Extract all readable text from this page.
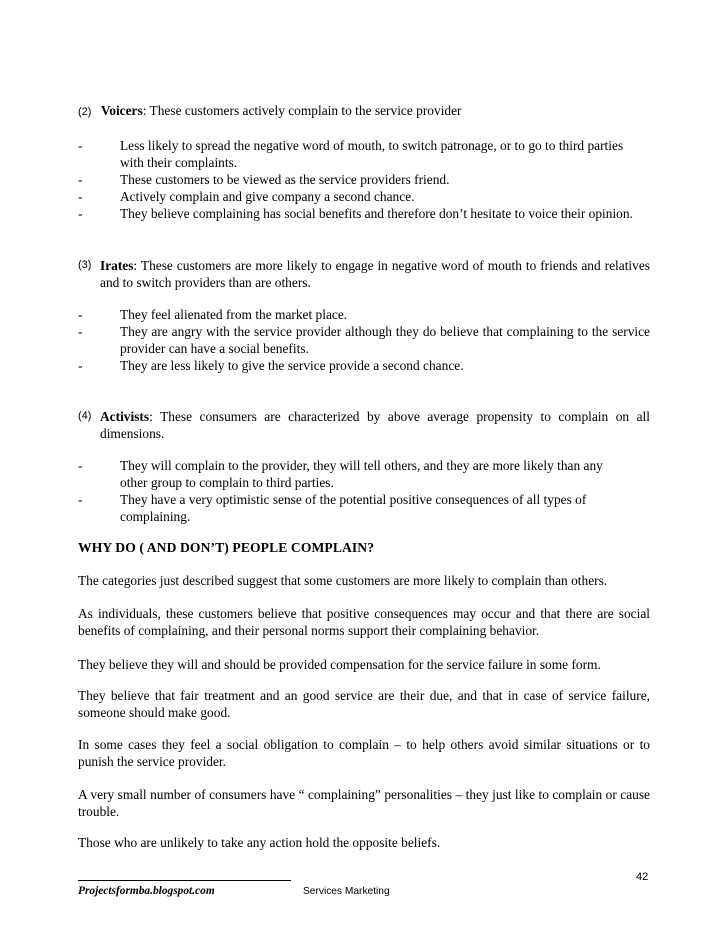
(2) Voicers: These customers actively complain to the service provider
-	Less likely to spread the negative word of mouth, to switch patronage, or to go to third parties with their complaints.
-	These customers to be viewed as the service providers friend.
-	Actively complain and give company a second chance.
-	They believe complaining has social benefits and therefore don’t hesitate to voice their opinion.
(3) Irates: These customers are more likely to engage in negative word of mouth to friends and relatives and to switch providers than are others.
-	They feel alienated from the market place.
-	They are angry with the service provider although they do believe that complaining to the service provider can have a social benefits.
-	They are less likely to give the service provide a second chance.
(4) Activists: These consumers are characterized by above average propensity to complain on all dimensions.
-	They will complain to the provider, they will tell others, and they are more likely than any other group to complain to third parties.
-	They have a very optimistic sense of the potential positive consequences of all types of complaining.
WHY DO ( AND DON’T) PEOPLE COMPLAIN?
The categories just described suggest that some customers are more likely to complain than others.
As individuals, these customers believe that positive consequences may occur and that there are social benefits of complaining, and their personal norms support their complaining behavior.
They believe they will and should be provided compensation for the service failure in some form.
They believe that fair treatment and an good service are their due, and that in case of service failure, someone should make good.
In some cases they feel a social obligation to complain – to help others avoid similar situations or to punish the service provider.
A very small number of consumers have “ complaining” personalities – they just like to complain or cause trouble.
Those who are unlikely to take any action hold the opposite beliefs.
42
Projectsformba.blogspot.com	Services Marketing
